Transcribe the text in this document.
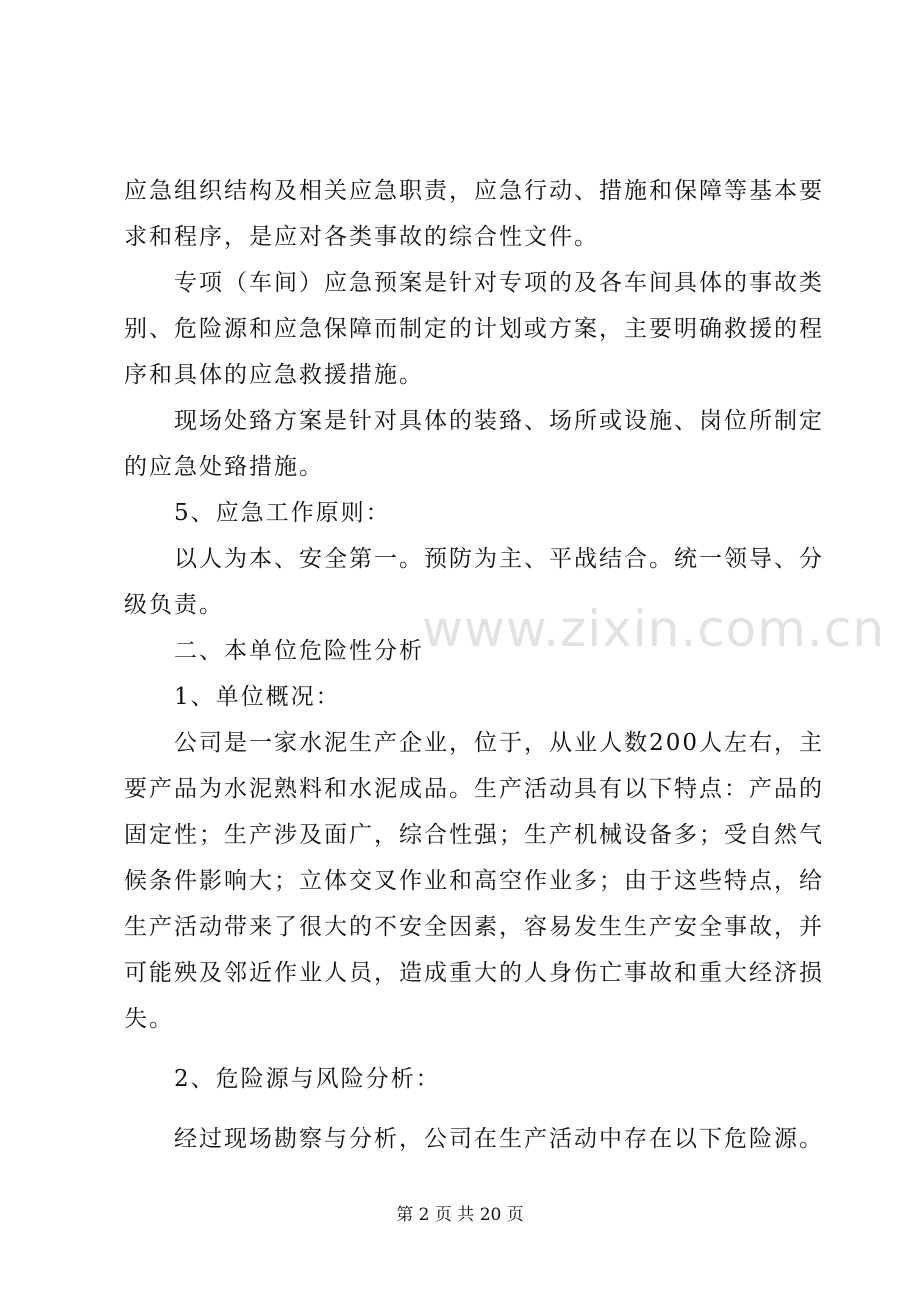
www.zixin.com.cn

应急组织结构及相关应急职责，应急行动、措施和保障等基本要求和程序，是应对各类事故的综合性文件。

专项（车间）应急预案是针对专项的及各车间具体的事故类别、危险源和应急保障而制定的计划或方案，主要明确救援的程序和具体的应急救援措施。

现场处臵方案是针对具体的装臵、场所或设施、岗位所制定的应急处臵措施。

5、应急工作原则：

以人为本、安全第一。预防为主、平战结合。统一领导、分级负责。

二、本单位危险性分析

1、单位概况：

公司是一家水泥生产企业，位于，从业人数200人左右，主要产品为水泥熟料和水泥成品。生产活动具有以下特点：产品的固定性；生产涉及面广，综合性强；生产机械设备多；受自然气候条件影响大；立体交叉作业和高空作业多；由于这些特点，给生产活动带来了很大的不安全因素，容易发生生产安全事故，并可能殃及邻近作业人员，造成重大的人身伤亡事故和重大经济损失。

2、危险源与风险分析：

经过现场勘察与分析，公司在生产活动中存在以下危险源。

第 2 页 共 20 页
